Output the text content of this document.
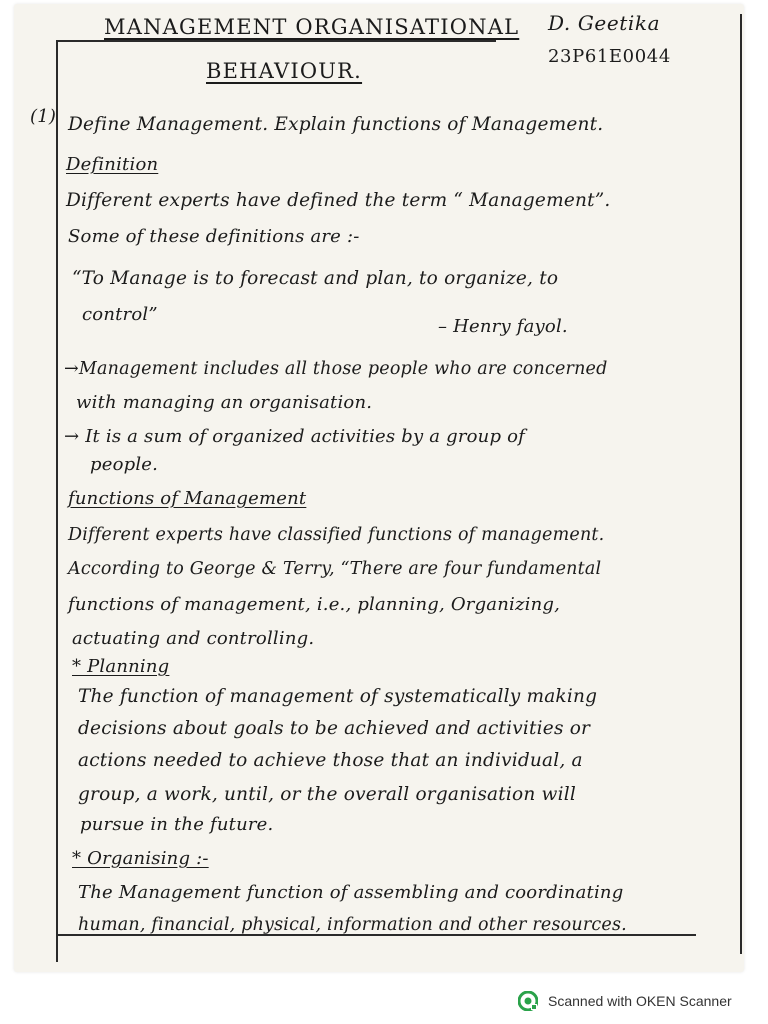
MANAGEMENT ORGANISATIONAL
BEHAVIOUR.
D. Geetika
23P61E0044
(1) Define Management. Explain functions of Management.
Definition
Different experts have defined the term “ Management”.
Some of these definitions are :-
“To Manage is to forecast and plan, to organize, to
control”
– Henry fayol.
→Management includes all those people who are concerned
with managing an organisation.
→ It is a sum of organized activities by a group of
people.
functions of Management
Different experts have classified functions of management.
According to George & Terry, “There are four fundamental
functions of management, i.e., planning, Organizing,
actuating and controlling.
* Planning
The function of management of systematically making
decisions about goals to be achieved and activities or
actions needed to achieve those that an individual, a
group, a work, until, or the overall organisation will
pursue in the future.
* Organising :-
The Management function of assembling and coordinating
human, financial, physical, information and other resources.
Scanned with OKEN Scanner
